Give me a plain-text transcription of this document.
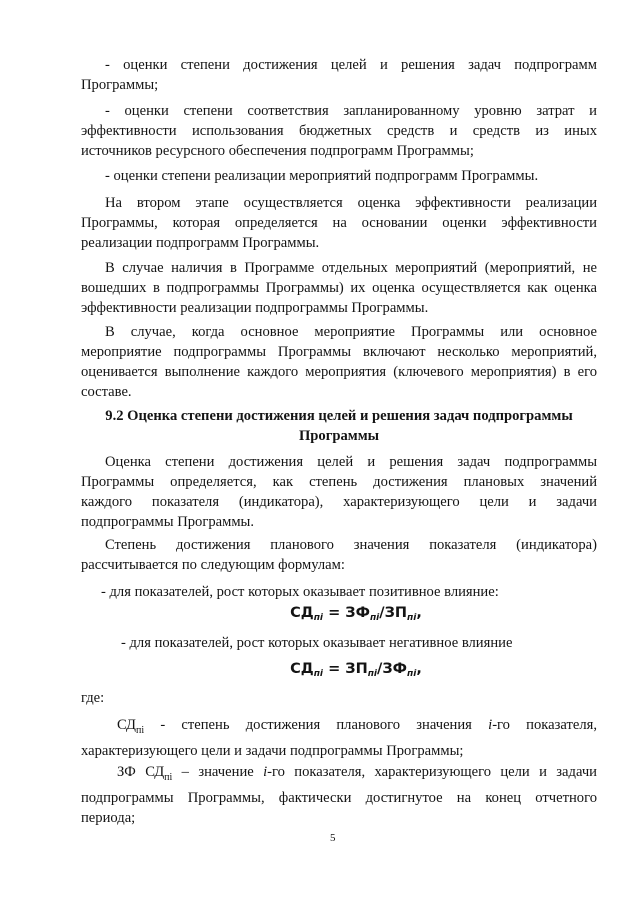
- оценки степени достижения целей и решения задач подпрограмм
Программы;
- оценки степени соответствия запланированному уровню затрат и
эффективности использования бюджетных средств и средств из иных
источников ресурсного обеспечения подпрограмм Программы;
- оценки степени реализации мероприятий подпрограмм Программы.
На втором этапе осуществляется оценка эффективности реализации
Программы, которая определяется на основании оценки эффективности
реализации подпрограмм Программы.
В случае наличия в Программе отдельных мероприятий (мероприятий, не
вошедших в подпрограммы Программы) их оценка осуществляется как оценка
эффективности реализации подпрограммы Программы.
В случае, когда основное мероприятие Программы или основное
мероприятие подпрограммы Программы включают несколько мероприятий,
оценивается выполнение каждого мероприятия (ключевого мероприятия) в его
составе.
9.2 Оценка степени достижения целей и решения задач подпрограммы
Программы
Оценка степени достижения целей и решения задач подпрограммы
Программы определяется, как степень достижения плановых значений
каждого показателя (индикатора), характеризующего цели и задачи
подпрограммы Программы.
Степень достижения планового значения показателя (индикатора)
рассчитывается по следующим формулам:
- для показателей, рост которых оказывает позитивное влияние:
$СД_{пі} = ЗФ_{пі}/ЗП_{пі}$,
- для показателей, рост которых оказывает негативное влияние
$СД_{пі} = ЗП_{пі}/ЗФ_{пі}$,
где:
$СД_{пі}$ - степень достижения планового значения і-го показателя,
характеризующего цели и задачи подпрограммы Программы;
ЗФ $СД_{пі}$ – значение і-го показателя, характеризующего цели и задачи
подпрограммы Программы, фактически достигнутое на конец отчетного
периода;
5
